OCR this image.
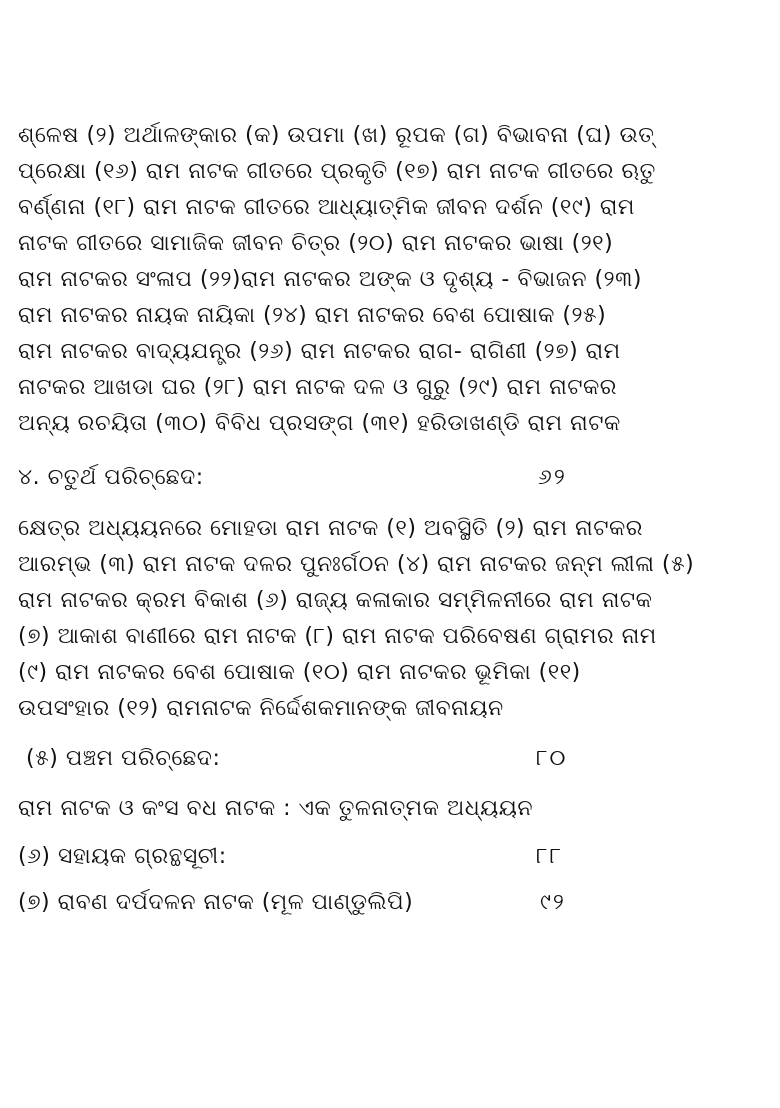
ଶ୍ଳେଷ (୨) ଅର୍ଥାଳଙ୍କାର (କ) ଉପମା (ଖ) ରୂପକ (ଗ) ବିଭାବନା (ଘ) ଉତ୍
ପ୍ରେକ୍ଷା (୧୬) ରାମ ନାଟକ ଗୀତରେ ପ୍ରକୃତି (୧୭) ରାମ ନାଟକ ଗୀତରେ ଋତୁ
ବର୍ଣ୍ଣନା (୧୮) ରାମ ନାଟକ ଗୀତରେ ଆଧ୍ୟାତ୍ମିକ ଜୀବନ ଦର୍ଶନ (୧୯) ରାମ
ନାଟକ ଗୀତରେ ସାମାଜିକ ଜୀବନ ଚିତ୍ର (୨୦) ରାମ ନାଟକର ଭାଷା (୨୧)
ରାମ ନାଟକର ସଂଳାପ (୨୨)ରାମ ନାଟକର ଅଙ୍କ ଓ ଦୃଶ୍ୟ - ବିଭାଜନ (୨୩)
ରାମ ନାଟକର ନାୟକ ନାୟିକା (୨୪) ରାମ ନାଟକର ବେଶ ପୋଷାକ (୨୫)
ରାମ ନାଟକର ବାଦ୍ୟଯନ୍ତ୍ର (୨୬) ରାମ ନାଟକର ରାଗ- ରାଗିଣୀ (୨୭) ରାମ
ନାଟକର ଆଖଡା ଘର (୨୮) ରାମ ନାଟକ ଦଳ ଓ ଗୁରୁ (୨୯) ରାମ ନାଟକର
ଅନ୍ୟ ରଚୟିତା (୩୦) ବିବିଧ ପ୍ରସଙ୍ଗ (୩୧) ହରିଡାଖଣ୍ଡି ରାମ ନାଟକ
୪. ଚତୁର୍ଥ ପରିଚ୍ଛେଦ:	୬୨
କ୍ଷେତ୍ର ଅଧ୍ୟୟନରେ ମୋହଡା ରାମ ନାଟକ (୧) ଅବସ୍ଥିତି (୨) ରାମ ନାଟକର
ଆରମ୍ଭ (୩) ରାମ ନାଟକ ଦଳର ପୁନଃର୍ଗଠନ (୪) ରାମ ନାଟକର ଜନ୍ମ ଲୀଳା (୫)
ରାମ ନାଟକର କ୍ରମ ବିକାଶ (୬) ରାଜ୍ୟ କଳାକାର ସମ୍ମିଳନୀରେ ରାମ ନାଟକ
(୭) ଆକାଶ ବାଣୀରେ ରାମ ନାଟକ (୮) ରାମ ନାଟକ ପରିବେଷଣ ଗ୍ରାମର ନାମ
(୯) ରାମ ନାଟକର ବେଶ ପୋଷାକ (୧୦) ରାମ ନାଟକର ଭୂମିକା (୧୧)
ଉପସଂହାର (୧୨) ରାମନାଟକ ନିର୍ଦ୍ଦେଶକମାନଙ୍କ ଜୀବନାୟନ
(୫) ପଞ୍ଚମ ପରିଚ୍ଛେଦ:	୮୦
ରାମ ନାଟକ ଓ କଂସ ବଧ ନାଟକ : ଏକ ତୁଳନାତ୍ମକ ଅଧ୍ୟୟନ
(୬) ସହାୟକ ଗ୍ରନ୍ଥସୂଚୀ:	୮୮
(୭) ରାବଣ ଦର୍ପଦଳନ ନାଟକ (ମୂଳ ପାଣ୍ଡୁଲିପି)	୯୨
